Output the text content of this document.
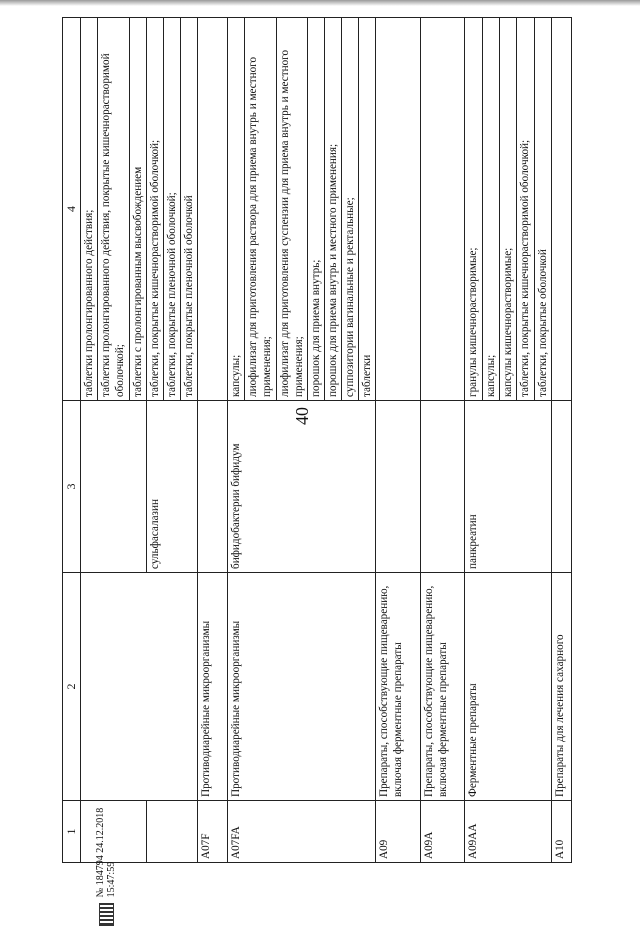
40
1	2	3	4
			таблетки пролонгированного действия;
			таблетки пролонгированного действия, покрытые кишечнорастворимой оболочкой;
			таблетки с пролонгированным высвобождением
		сульфасалазин	таблетки, покрытые кишечнорастворимой оболочкой;
			таблетки, покрытые пленочной оболочкой;
			таблетки, покрытые пленочной оболочкой
A07F	Противодиарейные микроорганизмы		
A07FA	Противодиарейные микроорганизмы	бифидобактерии бифидум	капсулы;
			лиофилизат для приготовления раствора для приема внутрь и местного применения;
			лиофилизат для приготовления суспензии для приема внутрь и местного применения;
			порошок для приема внутрь;
			порошок для приема внутрь и местного применения;
			суппозитории вагинальные и ректальные;
			таблетки
A09	Препараты, способствующие пищеварению, включая ферментные препараты		
A09A	Препараты, способствующие пищеварению, включая ферментные препараты		
A09AA	Ферментные препараты	панкреатин	гранулы кишечнорастворимые;
			капсулы;
			капсулы кишечнорастворимые;
			таблетки, покрытые кишечнорастворимой оболочкой;
			таблетки, покрытые оболочкой
A10	Препараты для лечения сахарного		
№ 184794 24.12.2018 15:47:59
